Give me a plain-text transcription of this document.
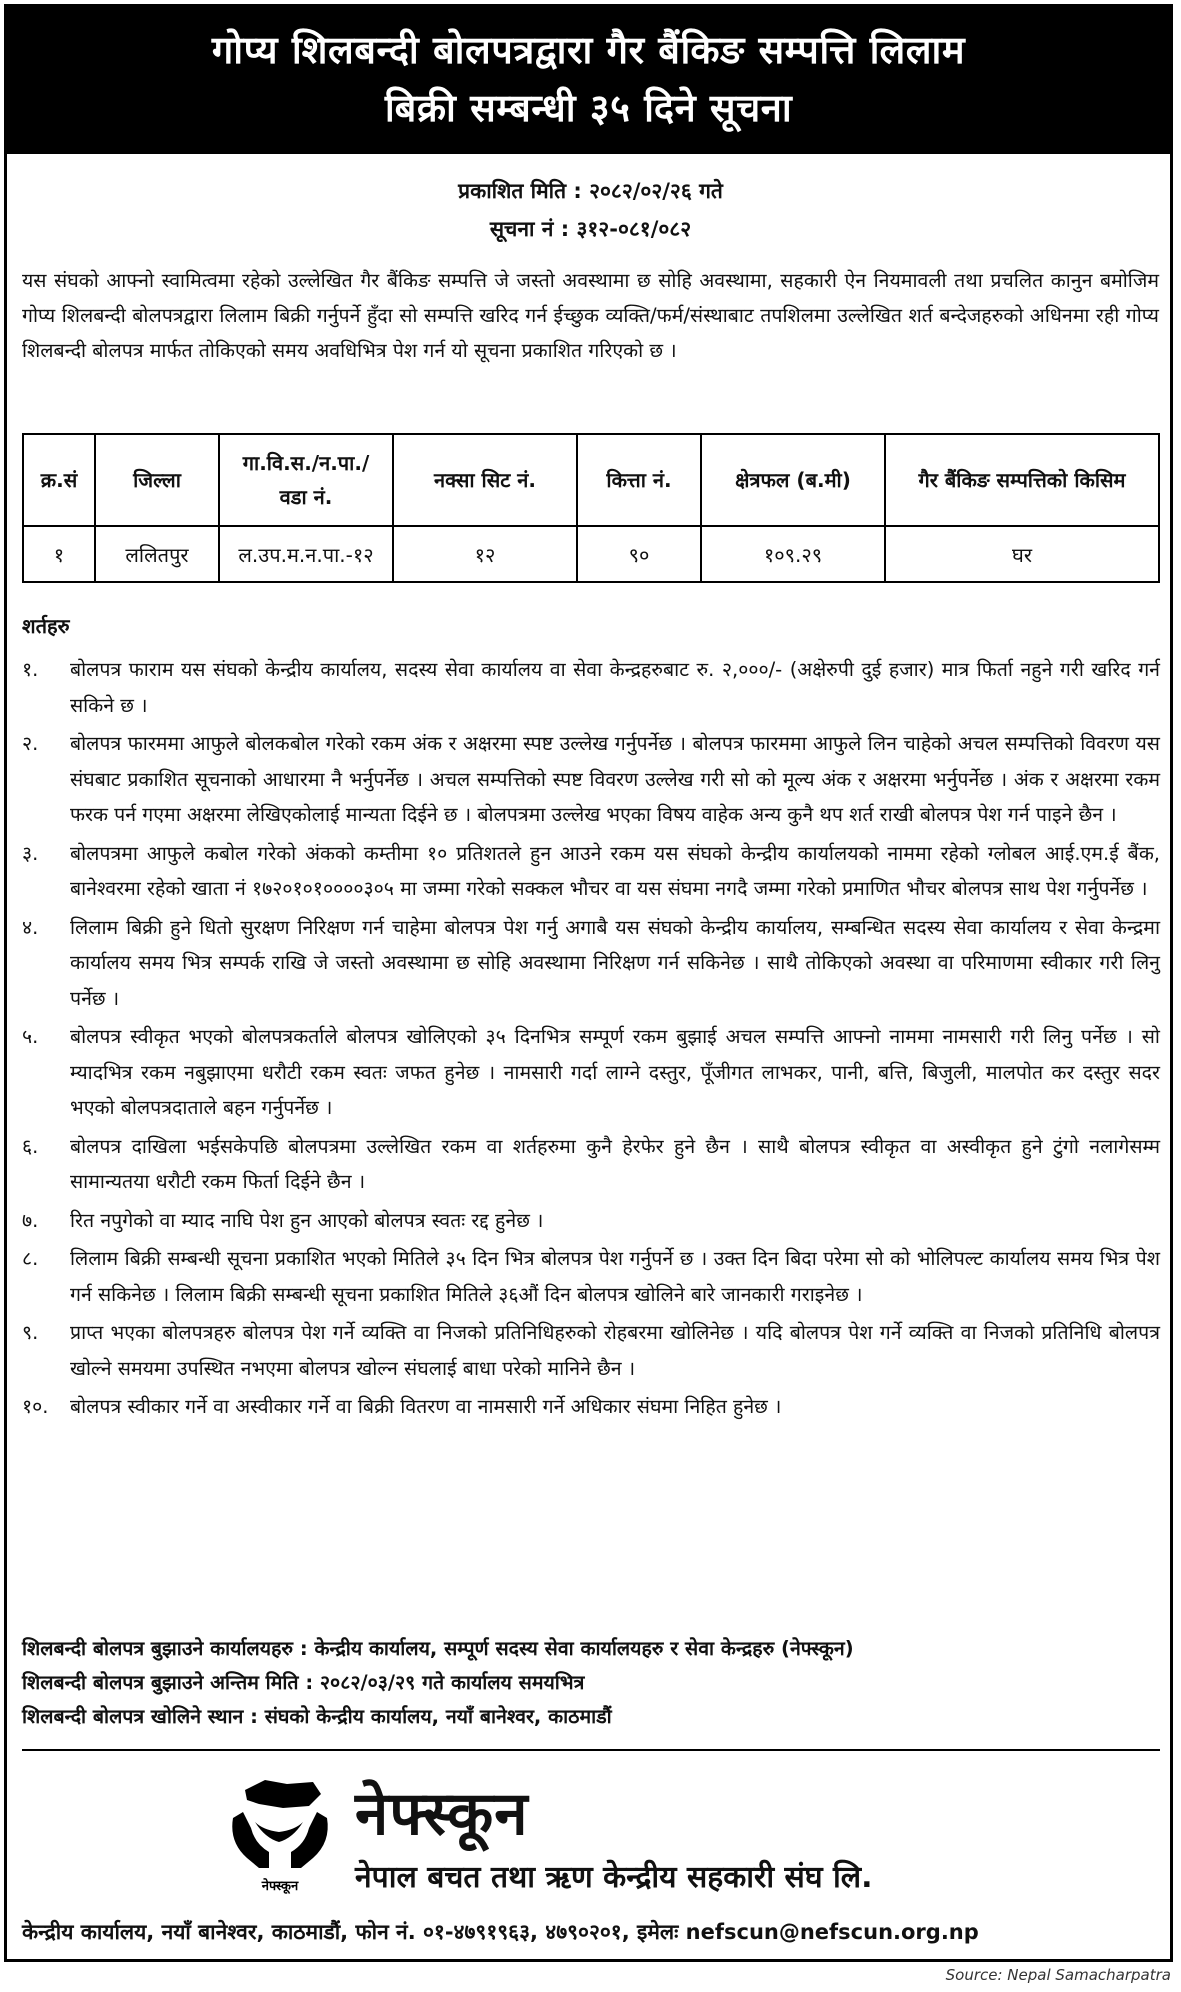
गोप्य शिलबन्दी बोलपत्रद्वारा गैर बैंकिङ सम्पत्ति लिलाम
बिक्री सम्बन्धी ३५ दिने सूचना
प्रकाशित मिति : २०८२/०२/२६ गते
सूचना नं : ३१२-०८१/०८२
यस संघको आफ्नो स्वामित्वमा रहेको उल्लेखित गैर बैंकिङ सम्पत्ति जे जस्तो अवस्थामा छ सोहि अवस्थामा, सहकारी ऐन नियमावली तथा प्रचलित कानुन बमोजिम गोप्य शिलबन्दी बोलपत्रद्वारा लिलाम बिक्री गर्नुपर्ने हुँदा सो सम्पत्ति खरिद गर्न ईच्छुक व्यक्ति/फर्म/संस्थाबाट तपशिलमा उल्लेखित शर्त बन्देजहरुको अधिनमा रही गोप्य शिलबन्दी बोलपत्र मार्फत तोकिएको समय अवधिभित्र पेश गर्न यो सूचना प्रकाशित गरिएको छ ।
क्र.सं	जिल्ला	गा.वि.स./न.पा./ वडा नं.	नक्सा सिट नं.	कित्ता नं.	क्षेत्रफल (ब.मी)	गैर बैंकिङ सम्पत्तिको किसिम
१	ललितपुर	ल.उप.म.न.पा.-१२	१२	९०	१०९.२९	घर
शर्तहरु
१.	बोलपत्र फाराम यस संघको केन्द्रीय कार्यालय, सदस्य सेवा कार्यालय वा सेवा केन्द्रहरुबाट रु. २,०००/- (अक्षेरुपी दुई हजार) मात्र फिर्ता नहुने गरी खरिद गर्न सकिने छ ।
२.	बोलपत्र फारममा आफुले बोलकबोल गरेको रकम अंक र अक्षरमा स्पष्ट उल्लेख गर्नुपर्नेछ । बोलपत्र फारममा आफुले लिन चाहेको अचल सम्पत्तिको विवरण यस संघबाट प्रकाशित सूचनाको आधारमा नै भर्नुपर्नेछ । अचल सम्पत्तिको स्पष्ट विवरण उल्लेख गरी सो को मूल्य अंक र अक्षरमा भर्नुपर्नेछ । अंक र अक्षरमा रकम फरक पर्न गएमा अक्षरमा लेखिएकोलाई मान्यता दिईने छ । बोलपत्रमा उल्लेख भएका विषय वाहेक अन्य कुनै थप शर्त राखी बोलपत्र पेश गर्न पाइने छैन ।
३.	बोलपत्रमा आफुले कबोल गरेको अंकको कम्तीमा १० प्रतिशतले हुन आउने रकम यस संघको केन्द्रीय कार्यालयको नाममा रहेको ग्लोबल आई.एम.ई बैंक, बानेश्वरमा रहेको खाता नं १७२०१०१००००३०५ मा जम्मा गरेको सक्कल भौचर वा यस संघमा नगदै जम्मा गरेको प्रमाणित भौचर बोलपत्र साथ पेश गर्नुपर्नेछ ।
४.	लिलाम बिक्री हुने धितो सुरक्षण निरिक्षण गर्न चाहेमा बोलपत्र पेश गर्नु अगाबै यस संघको केन्द्रीय कार्यालय, सम्बन्धित सदस्य सेवा कार्यालय र सेवा केन्द्रमा कार्यालय समय भित्र सम्पर्क राखि जे जस्तो अवस्थामा छ सोहि अवस्थामा निरिक्षण गर्न सकिनेछ । साथै तोकिएको अवस्था वा परिमाणमा स्वीकार गरी लिनु पर्नेछ ।
५.	बोलपत्र स्वीकृत भएको बोलपत्रकर्ताले बोलपत्र खोलिएको ३५ दिनभित्र सम्पूर्ण रकम बुझाई अचल सम्पत्ति आफ्नो नाममा नामसारी गरी लिनु पर्नेछ । सो म्यादभित्र रकम नबुझाएमा धरौटी रकम स्वतः जफत हुनेछ । नामसारी गर्दा लाग्ने दस्तुर, पूँजीगत लाभकर, पानी, बत्ति, बिजुली, मालपोत कर दस्तुर सदर भएको बोलपत्रदाताले बहन गर्नुपर्नेछ ।
६.	बोलपत्र दाखिला भईसकेपछि बोलपत्रमा उल्लेखित रकम वा शर्तहरुमा कुनै हेरफेर हुने छैन । साथै बोलपत्र स्वीकृत वा अस्वीकृत हुने टुंगो नलागेसम्म सामान्यतया धरौटी रकम फिर्ता दिईने छैन ।
७.	रित नपुगेको वा म्याद नाघि पेश हुन आएको बोलपत्र स्वतः रद्द हुनेछ ।
८.	लिलाम बिक्री सम्बन्धी सूचना प्रकाशित भएको मितिले ३५ दिन भित्र बोलपत्र पेश गर्नुपर्ने छ । उक्त दिन बिदा परेमा सो को भोलिपल्ट कार्यालय समय भित्र पेश गर्न सकिनेछ । लिलाम बिक्री सम्बन्धी सूचना प्रकाशित मितिले ३६औं दिन बोलपत्र खोलिने बारे जानकारी गराइनेछ ।
९.	प्राप्त भएका बोलपत्रहरु बोलपत्र पेश गर्ने व्यक्ति वा निजको प्रतिनिधिहरुको रोहबरमा खोलिनेछ । यदि बोलपत्र पेश गर्ने व्यक्ति वा निजको प्रतिनिधि बोलपत्र खोल्ने समयमा उपस्थित नभएमा बोलपत्र खोल्न संघलाई बाधा परेको मानिने छैन ।
१०.	बोलपत्र स्वीकार गर्ने वा अस्वीकार गर्ने वा बिक्री वितरण वा नामसारी गर्ने अधिकार संघमा निहित हुनेछ ।
शिलबन्दी बोलपत्र बुझाउने कार्यालयहरु : केन्द्रीय कार्यालय, सम्पूर्ण सदस्य सेवा कार्यालयहरु र सेवा केन्द्रहरु (नेफ्स्कून)
शिलबन्दी बोलपत्र बुझाउने अन्तिम मिति : २०८२/०३/२९ गते कार्यालय समयभित्र
शिलबन्दी बोलपत्र खोलिने स्थान : संघको केन्द्रीय कार्यालय, नयाँ बानेश्वर, काठमाडौं
नेफ्स्कून
नेफ्स्कून
नेपाल बचत तथा ऋण केन्द्रीय सहकारी संघ लि.
केन्द्रीय कार्यालय, नयाँ बानेश्वर, काठमाडौं, फोन नं. ०१-४७९१९६३, ४७९०२०१, इमेलः nefscun@nefscun.org.np
Source: Nepal Samacharpatra
